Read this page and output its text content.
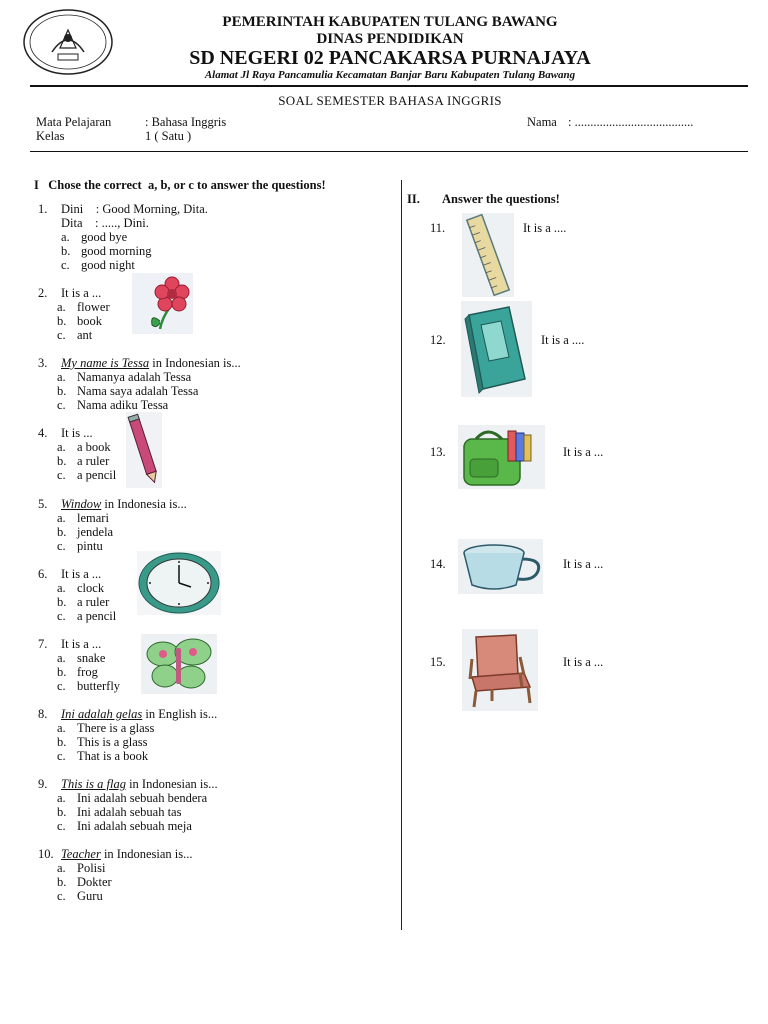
PEMERINTAH KABUPATEN TULANG BAWANG
DINAS PENDIDIKAN
SD NEGERI 02 PANCAKARSA PURNAJAYA
Alamat Jl Raya Pancamulia Kecamatan Banjar Baru Kabupaten Tulang Bawang
SOAL SEMESTER BAHASA INGGRIS
Mata Pelajaran	: Bahasa Inggris
Kelas	1 ( Satu )
Nama : ......................................
I   Chose the correct  a, b, or c to answer the questions!
1. Dini    : Good Morning, Dita.
Dita    : ....., Dini.
a. good bye
b. good morning
c. good night
2. It is a ...
a. flower
b. book
c. ant
3. My name is Tessa in Indonesian is...
a. Namanya adalah Tessa
b. Nama saya adalah Tessa
c. Nama adiku Tessa
4. It is ...
a. a book
b. a ruler
c. a pencil
5. Window in Indonesia is...
a. lemari
b. jendela
c. pintu
6. It is a ...
a. clock
b. a ruler
c. a pencil
7. It is a ...
a. snake
b. frog
c. butterfly
8. Ini adalah gelas in English is...
a. There is a glass
b. This is a glass
c. That is a book
9. This is a flag in Indonesian is...
a. Ini adalah sebuah bendera
b. Ini adalah sebuah tas
c. Ini adalah sebuah meja
10. Teacher in Indonesian is...
a. Polisi
b. Dokter
c. Guru
II. Answer the questions!
11.	It is a ....
12.	It is a ....
13.	It is a ...
14.	It is a ...
15.	It is a ...
